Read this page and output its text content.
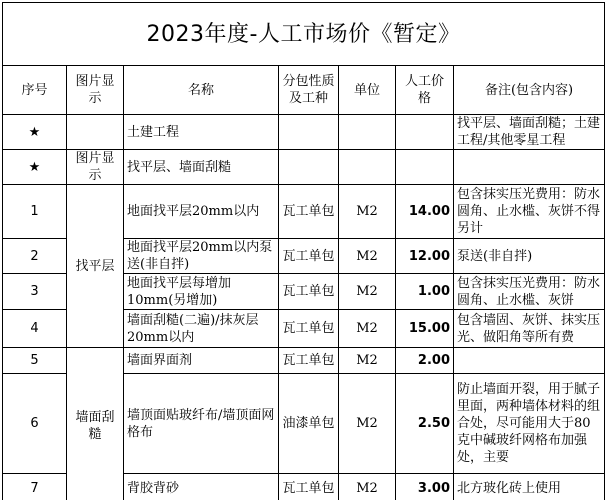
2023年度-人工市场价《暂定》						
序号	图片显示	名称	分包性质及工种	单位	人工价格	备注(包含内容)
★		土建工程				找平层、墙面刮糙；土建工程/其他零星工程
★	图片显示	找平层、墙面刮糙				
1	找平层	地面找平层20mm以内	瓦工单包	M2	14.00	包含抹实压光费用：防水圆角、止水槛、灰饼不得另计

2		地面找平层20mm以内泵送(非自拌)	瓦工单包	M2	12.00	泵送(非自拌)
3		地面找平层每增加10mm(另增加)	瓦工单包	M2	1.00	包含抹实压光费用：防水圆角、止水槛、灰饼

4		墙面刮糙(二遍)/抹灰层20mm以内	瓦工单包	M2	15.00	包含墙固、灰饼、抹实压光、做阳角等所有费

5	墙面刮糙	墙面界面剂	瓦工单包	M2	2.00	
6		墙顶面贴玻纤布/墙顶面网格布	油漆单包	M2	2.50	防止墙面开裂，用于腻子里面，两种墙体材料的组合处，尽可能用大于80克中碱玻纤网格布加强处，主要

7		背胶背砂	瓦工单包	M2	3.00	北方玻化砖上使用
